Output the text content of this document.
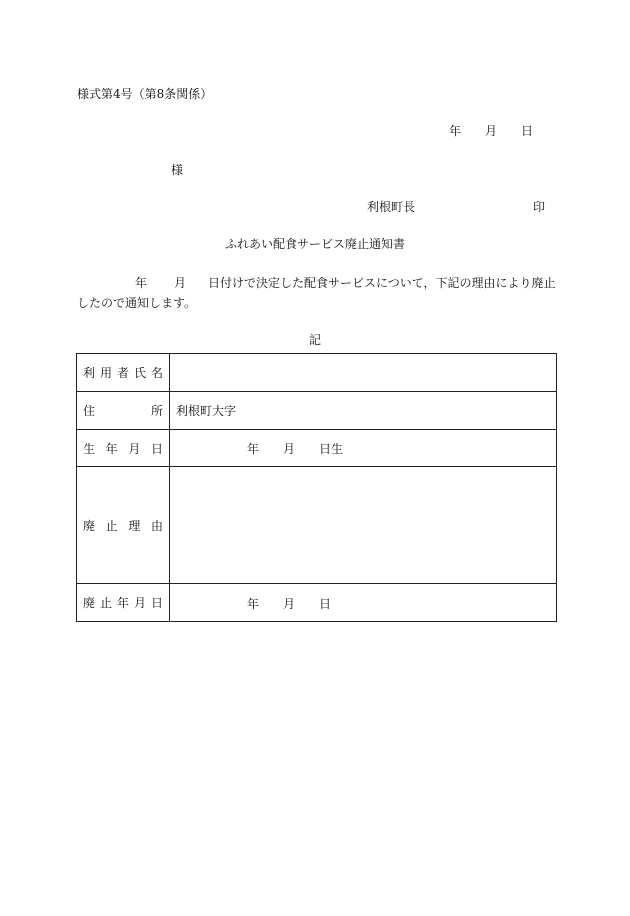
様式第4号（第8条関係）
年 月 日
様
利根町長	印
ふれあい配食サービス廃止通知書
年 月 日付けで決定した配食サービスについて，下記の理由により廃止
したので通知します。
記
利用者氏名	
住所	利根町大字
生年月日	年 月 日生

廃止理由	
廃止年月日	年 月 日
